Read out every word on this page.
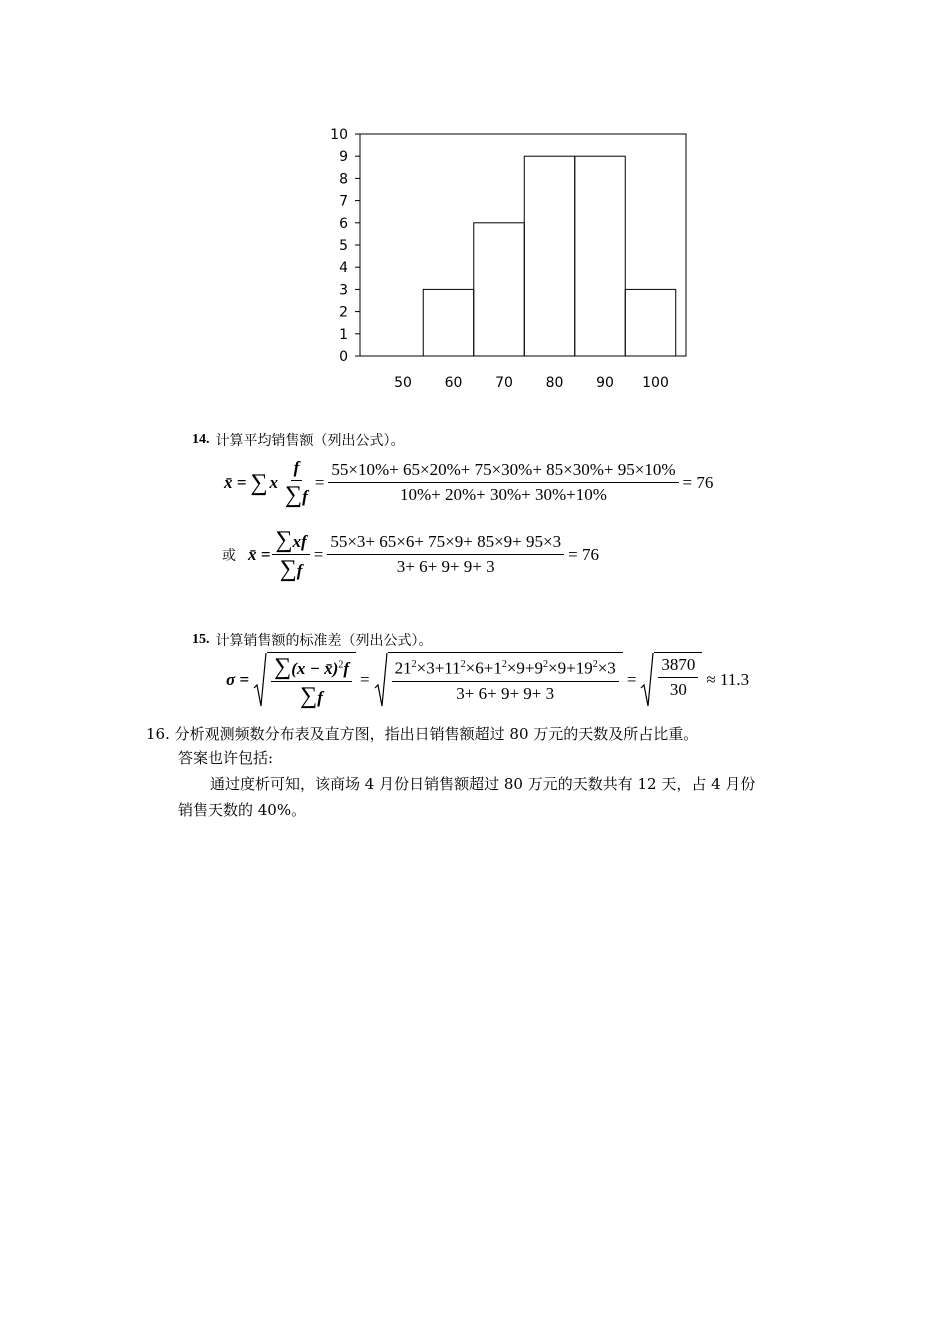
0
1
2
3
4
5
6
7
8
9
10
50 60 70 80 90 100
14. 计算平均销售额（列出公式）。
x̄ = ∑ x $\frac{f}{\sum f} = \frac{55\times 10\%+ 65\times 20\%+ 75\times 30\%+ 85\times 30\%+ 95\times 10\%}{10\%+ 20\%+ 30\%+ 30\%+10\%} = 76$
或 x̄ = $\frac{\sum xf}{\sum f} = \frac{55\times 3+ 65\times 6+ 75\times 9+ 85\times 9+ 95\times 3}{3+ 6+ 9+ 9+ 3} = 76$
15. 计算销售额的标准差（列出公式）。
$\sigma = \frac{\sum(x - x̄)^2f}{\sum f} = \frac{21^2\times 3+11^2\times 6+1^2\times 9+9^2\times 9+19^2\times 3}{3+ 6+ 9+ 9+ 3} = \frac{3870}{30} \approx 11.3$
16. 分析观测频数分布表及直方图，指出日销售额超过 80 万元的天数及所占比重。
答案也许包括:
通过度析可知，该商场 4 月份日销售额超过 80 万元的天数共有 12 天，占 4 月份
销售天数的 40%。
